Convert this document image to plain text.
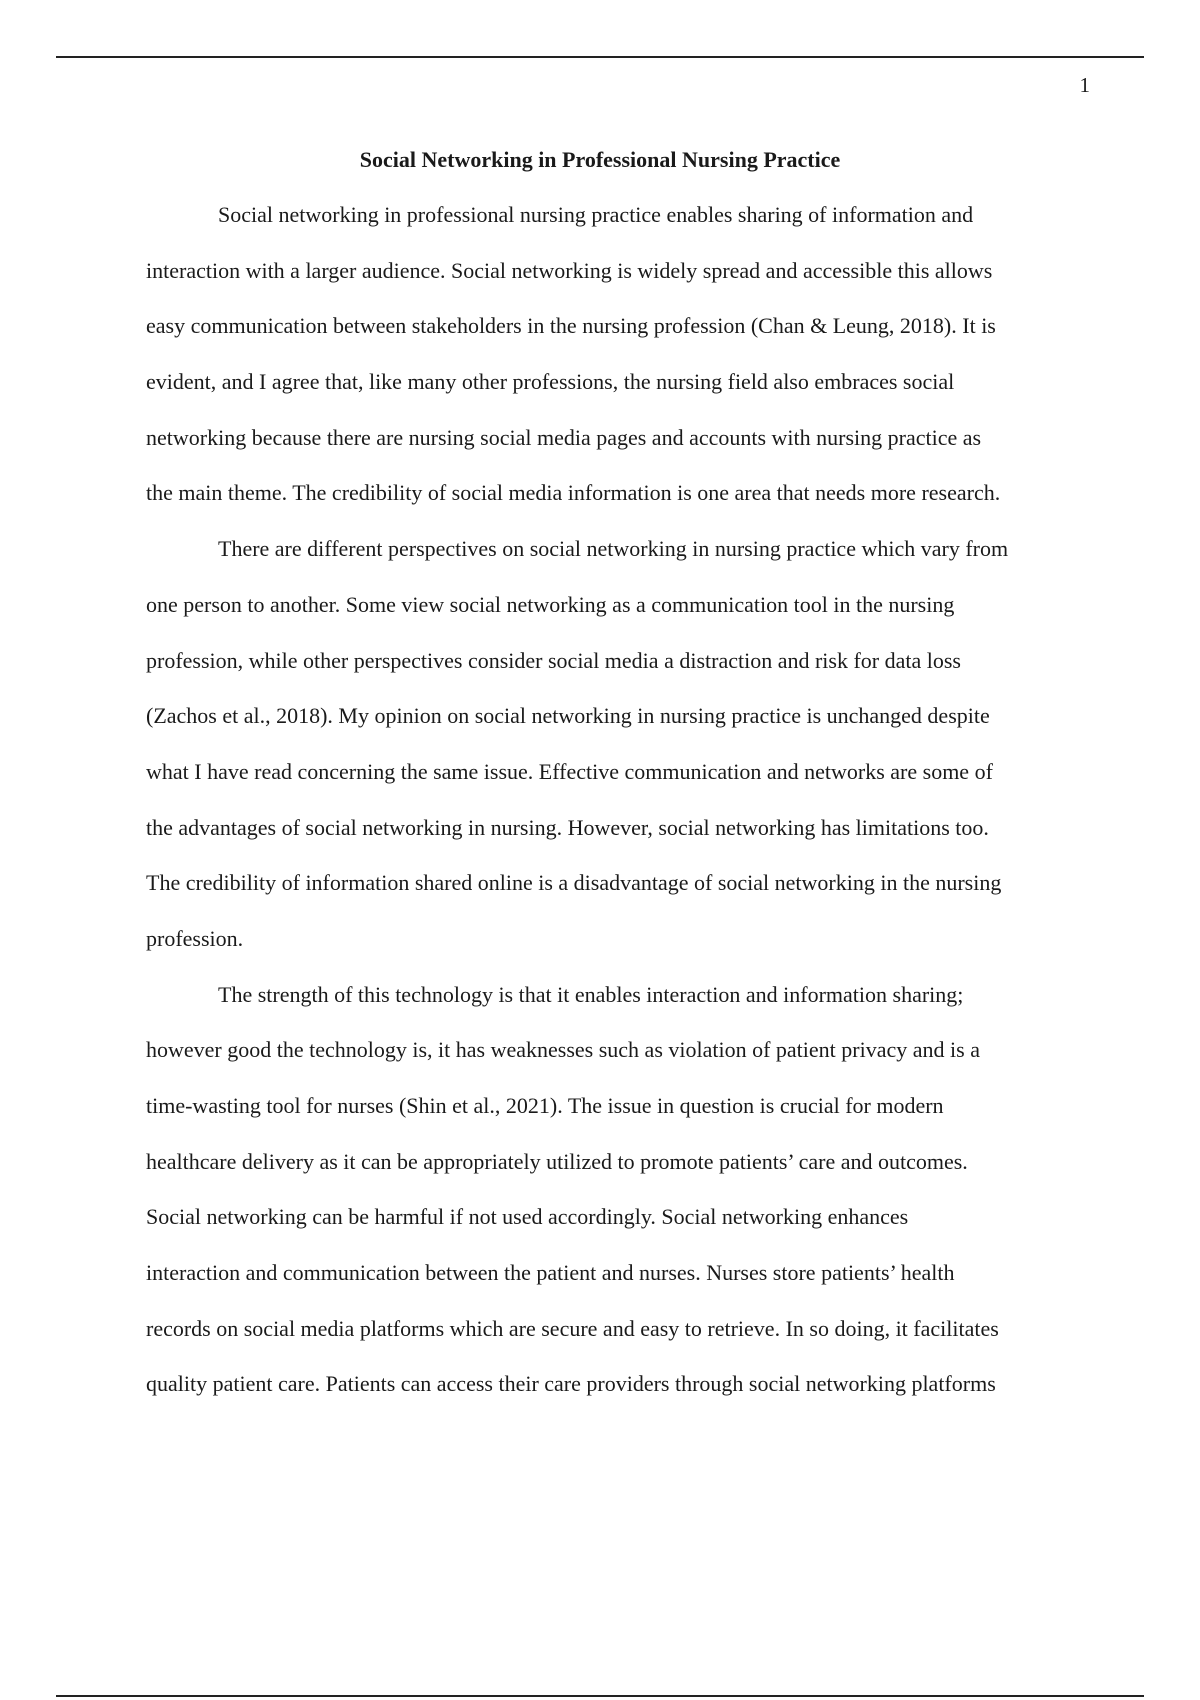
1
Social Networking in Professional Nursing Practice
Social networking in professional nursing practice enables sharing of information and
interaction with a larger audience. Social networking is widely spread and accessible this allows
easy communication between stakeholders in the nursing profession (Chan & Leung, 2018). It is
evident, and I agree that, like many other professions, the nursing field also embraces social
networking because there are nursing social media pages and accounts with nursing practice as
the main theme. The credibility of social media information is one area that needs more research.
There are different perspectives on social networking in nursing practice which vary from
one person to another. Some view social networking as a communication tool in the nursing
profession, while other perspectives consider social media a distraction and risk for data loss
(Zachos et al., 2018). My opinion on social networking in nursing practice is unchanged despite
what I have read concerning the same issue. Effective communication and networks are some of
the advantages of social networking in nursing. However, social networking has limitations too.
The credibility of information shared online is a disadvantage of social networking in the nursing
profession.
The strength of this technology is that it enables interaction and information sharing;
however good the technology is, it has weaknesses such as violation of patient privacy and is a
time-wasting tool for nurses (Shin et al., 2021). The issue in question is crucial for modern
healthcare delivery as it can be appropriately utilized to promote patients’ care and outcomes.
Social networking can be harmful if not used accordingly. Social networking enhances
interaction and communication between the patient and nurses. Nurses store patients’ health
records on social media platforms which are secure and easy to retrieve. In so doing, it facilitates
quality patient care. Patients can access their care providers through social networking platforms
